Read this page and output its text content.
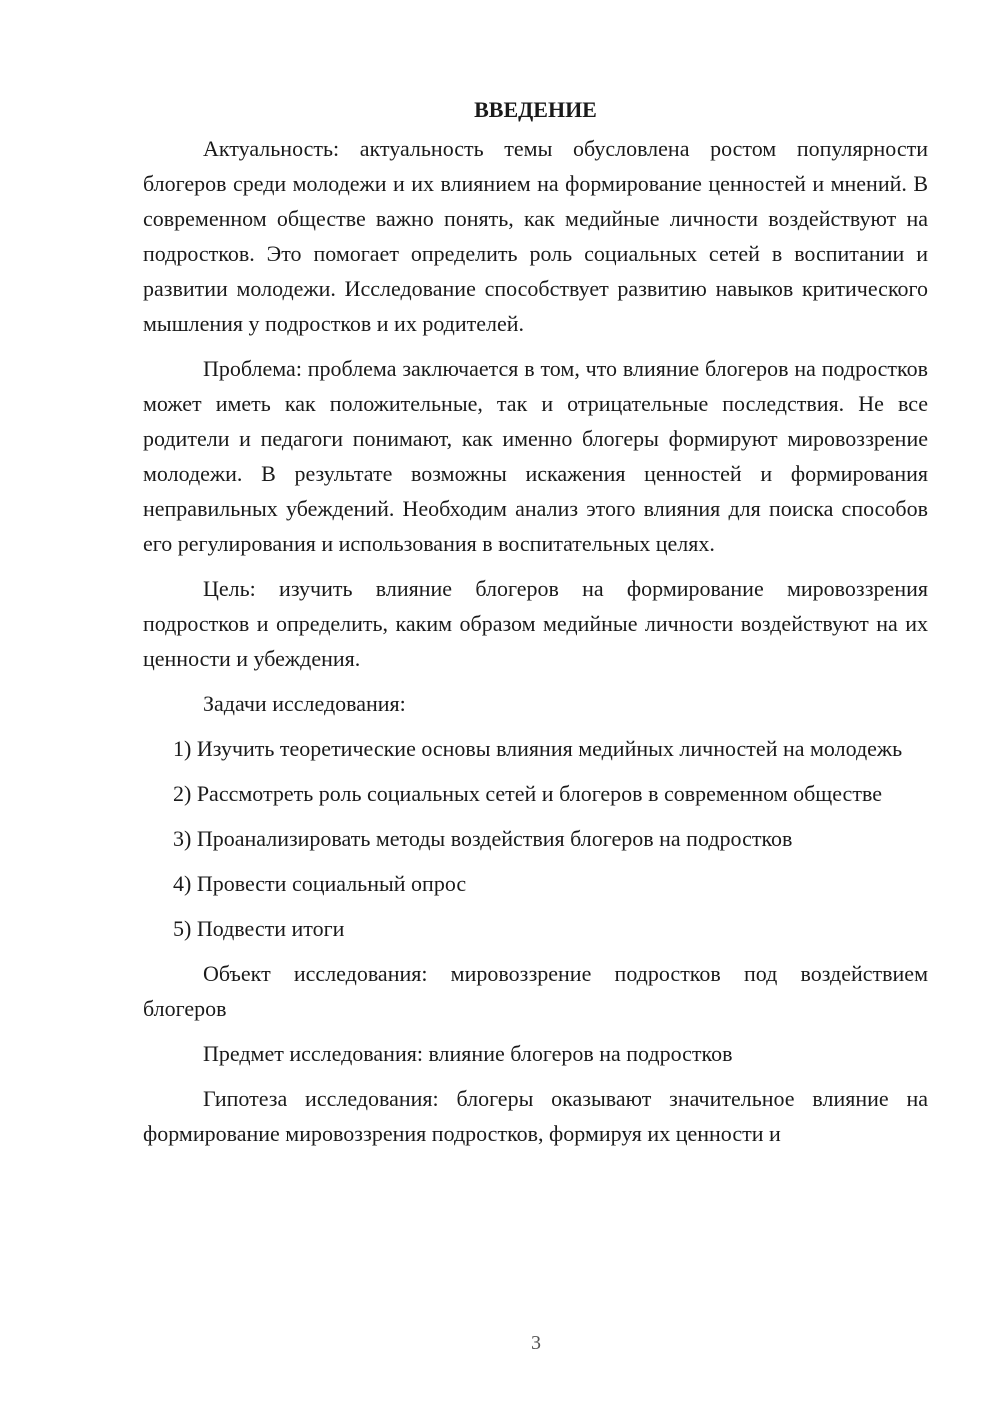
ВВЕДЕНИЕ

Актуальность: актуальность темы обусловлена ростом популярности блогеров среди молодежи и их влиянием на формирование ценностей и мнений. В современном обществе важно понять, как медийные личности воздействуют на подростков. Это помогает определить роль социальных сетей в воспитании и развитии молодежи. Исследование способствует развитию навыков критического мышления у подростков и их родителей.

Проблема: проблема заключается в том, что влияние блогеров на подростков может иметь как положительные, так и отрицательные последствия. Не все родители и педагоги понимают, как именно блогеры формируют мировоззрение молодежи. В результате возможны искажения ценностей и формирования неправильных убеждений. Необходим анализ этого влияния для поиска способов его регулирования и использования в воспитательных целях.

Цель: изучить влияние блогеров на формирование мировоззрения подростков и определить, каким образом медийные личности воздействуют на их ценности и убеждения.

Задачи исследования:

1) Изучить теоретические основы влияния медийных личностей на молодежь

2) Рассмотреть роль социальных сетей и блогеров в современном обществе

3) Проанализировать методы воздействия блогеров на подростков

4) Провести социальный опрос

5) Подвести итоги

Объект исследования: мировоззрение подростков под воздействием блогеров

Предмет исследования: влияние блогеров на подростков

Гипотеза исследования: блогеры оказывают значительное влияние на формирование мировоззрения подростков, формируя их ценности и

3
